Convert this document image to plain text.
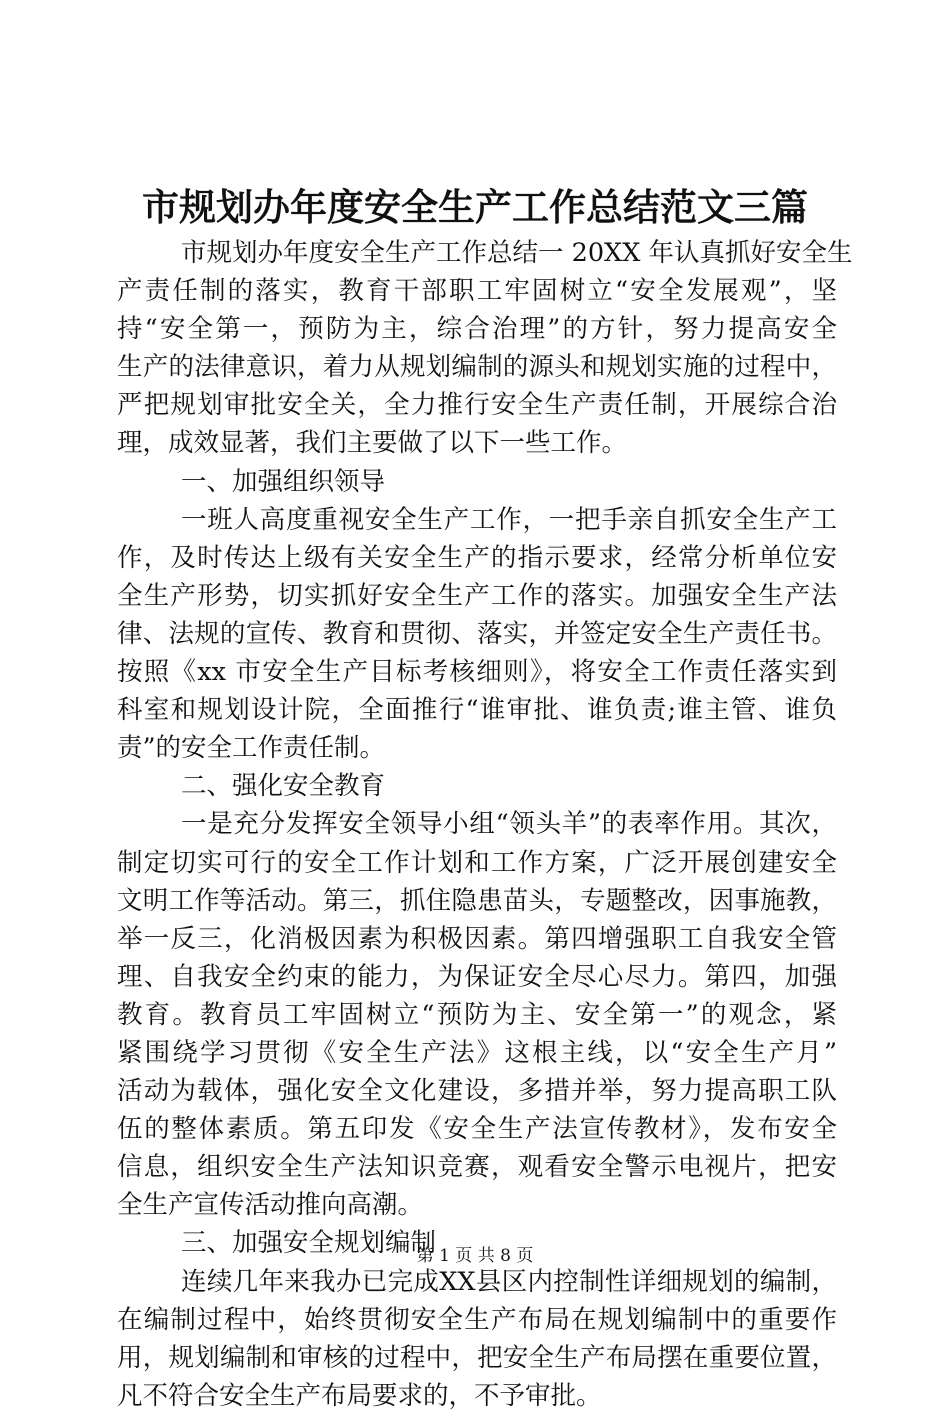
市规划办年度安全生产工作总结范文三篇
市规划办年度安全生产工作总结一 20XX 年认真抓好安全生
产责任制的落实，教育干部职工牢固树立“安全发展观”，坚
持“安全第一，预防为主，综合治理”的方针，努力提高安全
生产的法律意识，着力从规划编制的源头和规划实施的过程中，
严把规划审批安全关，全力推行安全生产责任制，开展综合治
理，成效显著，我们主要做了以下一些工作。
一、加强组织领导
一班人高度重视安全生产工作，一把手亲自抓安全生产工
作，及时传达上级有关安全生产的指示要求，经常分析单位安
全生产形势，切实抓好安全生产工作的落实。加强安全生产法
律、法规的宣传、教育和贯彻、落实，并签定安全生产责任书。
按照《xx 市安全生产目标考核细则》，将安全工作责任落实到
科室和规划设计院，全面推行“谁审批、谁负责;谁主管、谁负
责”的安全工作责任制。
二、强化安全教育
一是充分发挥安全领导小组“领头羊”的表率作用。其次，
制定切实可行的安全工作计划和工作方案，广泛开展创建安全
文明工作等活动。第三，抓住隐患苗头，专题整改，因事施教，
举一反三，化消极因素为积极因素。第四增强职工自我安全管
理、自我安全约束的能力，为保证安全尽心尽力。第四，加强
教育。教育员工牢固树立“预防为主、安全第一”的观念，紧
紧围绕学习贯彻《安全生产法》这根主线，以“安全生产月”
活动为载体，强化安全文化建设，多措并举，努力提高职工队
伍的整体素质。第五印发《安全生产法宣传教材》，发布安全
信息，组织安全生产法知识竞赛，观看安全警示电视片，把安
全生产宣传活动推向高潮。
三、加强安全规划编制
连续几年来我办已完成XX县区内控制性详细规划的编制，
在编制过程中，始终贯彻安全生产布局在规划编制中的重要作
用，规划编制和审核的过程中，把安全生产布局摆在重要位置，
凡不符合安全生产布局要求的，不予审批。
第 1 页 共 8 页
